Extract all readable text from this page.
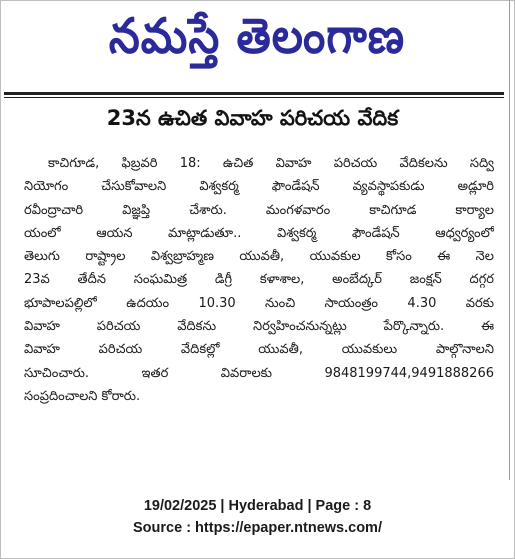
నమస్తే తెలంగాణ
23న ఉచిత వివాహ పరిచయ వేదిక
కాచిగూడ, ఫిబ్రవరి 18: ఉచిత వివాహ పరిచయ వేదికలను సద్వి
నియోగం చేసుకోవాలని విశ్వకర్మ ఫౌండేషన్ వ్యవస్థాపకుడు అడ్లూరి
రవీంద్రాచారి విజ్ఞప్తి చేశారు. మంగళవారం కాచిగూడ కార్యాల
యంలో ఆయన మాట్లాడుతూ.. విశ్వకర్మ ఫౌండేషన్ ఆధ్వర్యంలో
తెలుగు రాష్ట్రాల విశ్వబ్రాహ్మణ యువతీ, యువకుల కోసం ఈ నెల
23వ తేదీన సంఘమిత్ర డిగ్రీ కళాశాల, అంబేద్కర్ జంక్షన్ దగ్గర
భూపాలపల్లిలో ఉదయం 10.30 నుంచి సాయంత్రం 4.30 వరకు
వివాహ పరిచయ వేదికను నిర్వహించనున్నట్లు పేర్కొన్నారు. ఈ
వివాహ పరిచయ వేదికల్లో యువతీ, యువకులు పాల్గొనాలని
సూచించారు. ఇతర వివరాలకు 9848199744,9491888266
సంప్రదించాలని కోరారు.
19/02/2025 | Hyderabad | Page : 8
Source : https://epaper.ntnews.com/
